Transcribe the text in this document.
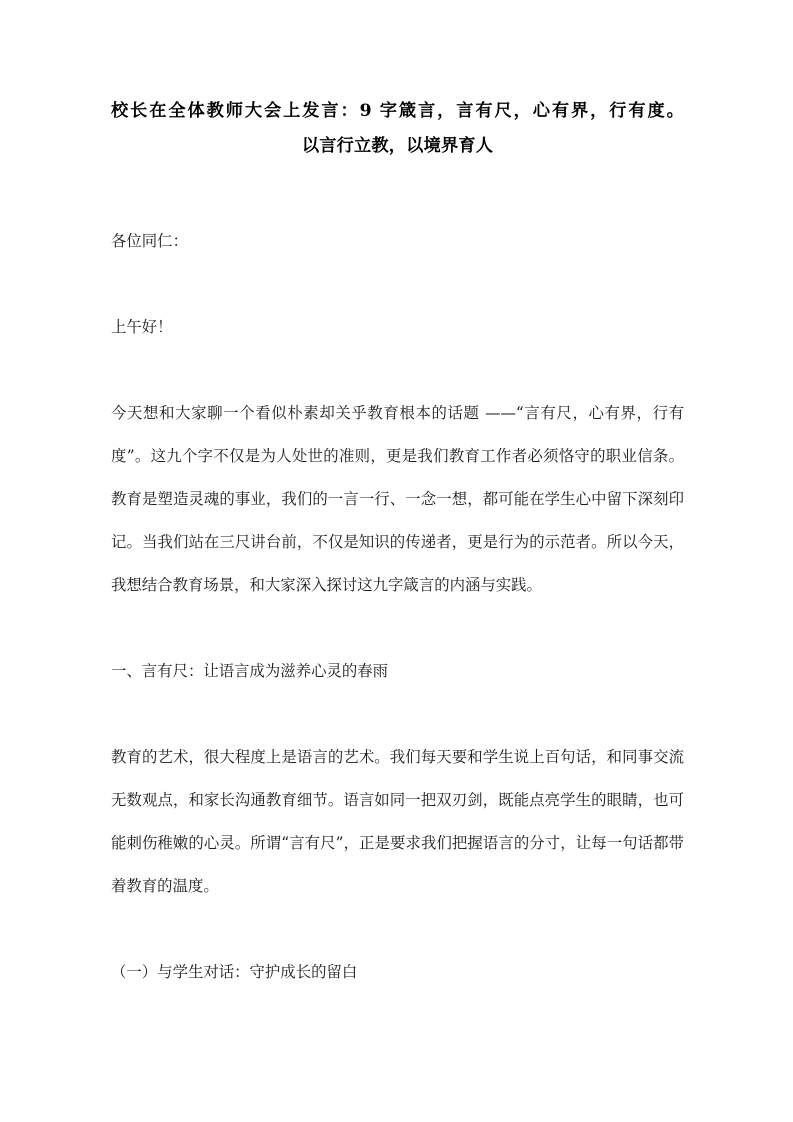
校长在全体教师大会上发言：9 字箴言，言有尺，心有界，行有度。
以言行立教，以境界育人

各位同仁：

上午好！

今天想和大家聊一个看似朴素却关乎教育根本的话题 ——“言有尺，心有界，行有度”。这九个字不仅是为人处世的准则，更是我们教育工作者必须恪守的职业信条。教育是塑造灵魂的事业，我们的一言一行、一念一想，都可能在学生心中留下深刻印记。当我们站在三尺讲台前，不仅是知识的传递者，更是行为的示范者。所以今天，我想结合教育场景，和大家深入探讨这九字箴言的内涵与实践。

一、言有尺：让语言成为滋养心灵的春雨

教育的艺术，很大程度上是语言的艺术。我们每天要和学生说上百句话，和同事交流无数观点，和家长沟通教育细节。语言如同一把双刃剑，既能点亮学生的眼睛，也可能刺伤稚嫩的心灵。所谓“言有尺”，正是要求我们把握语言的分寸，让每一句话都带着教育的温度。

（一）与学生对话：守护成长的留白
